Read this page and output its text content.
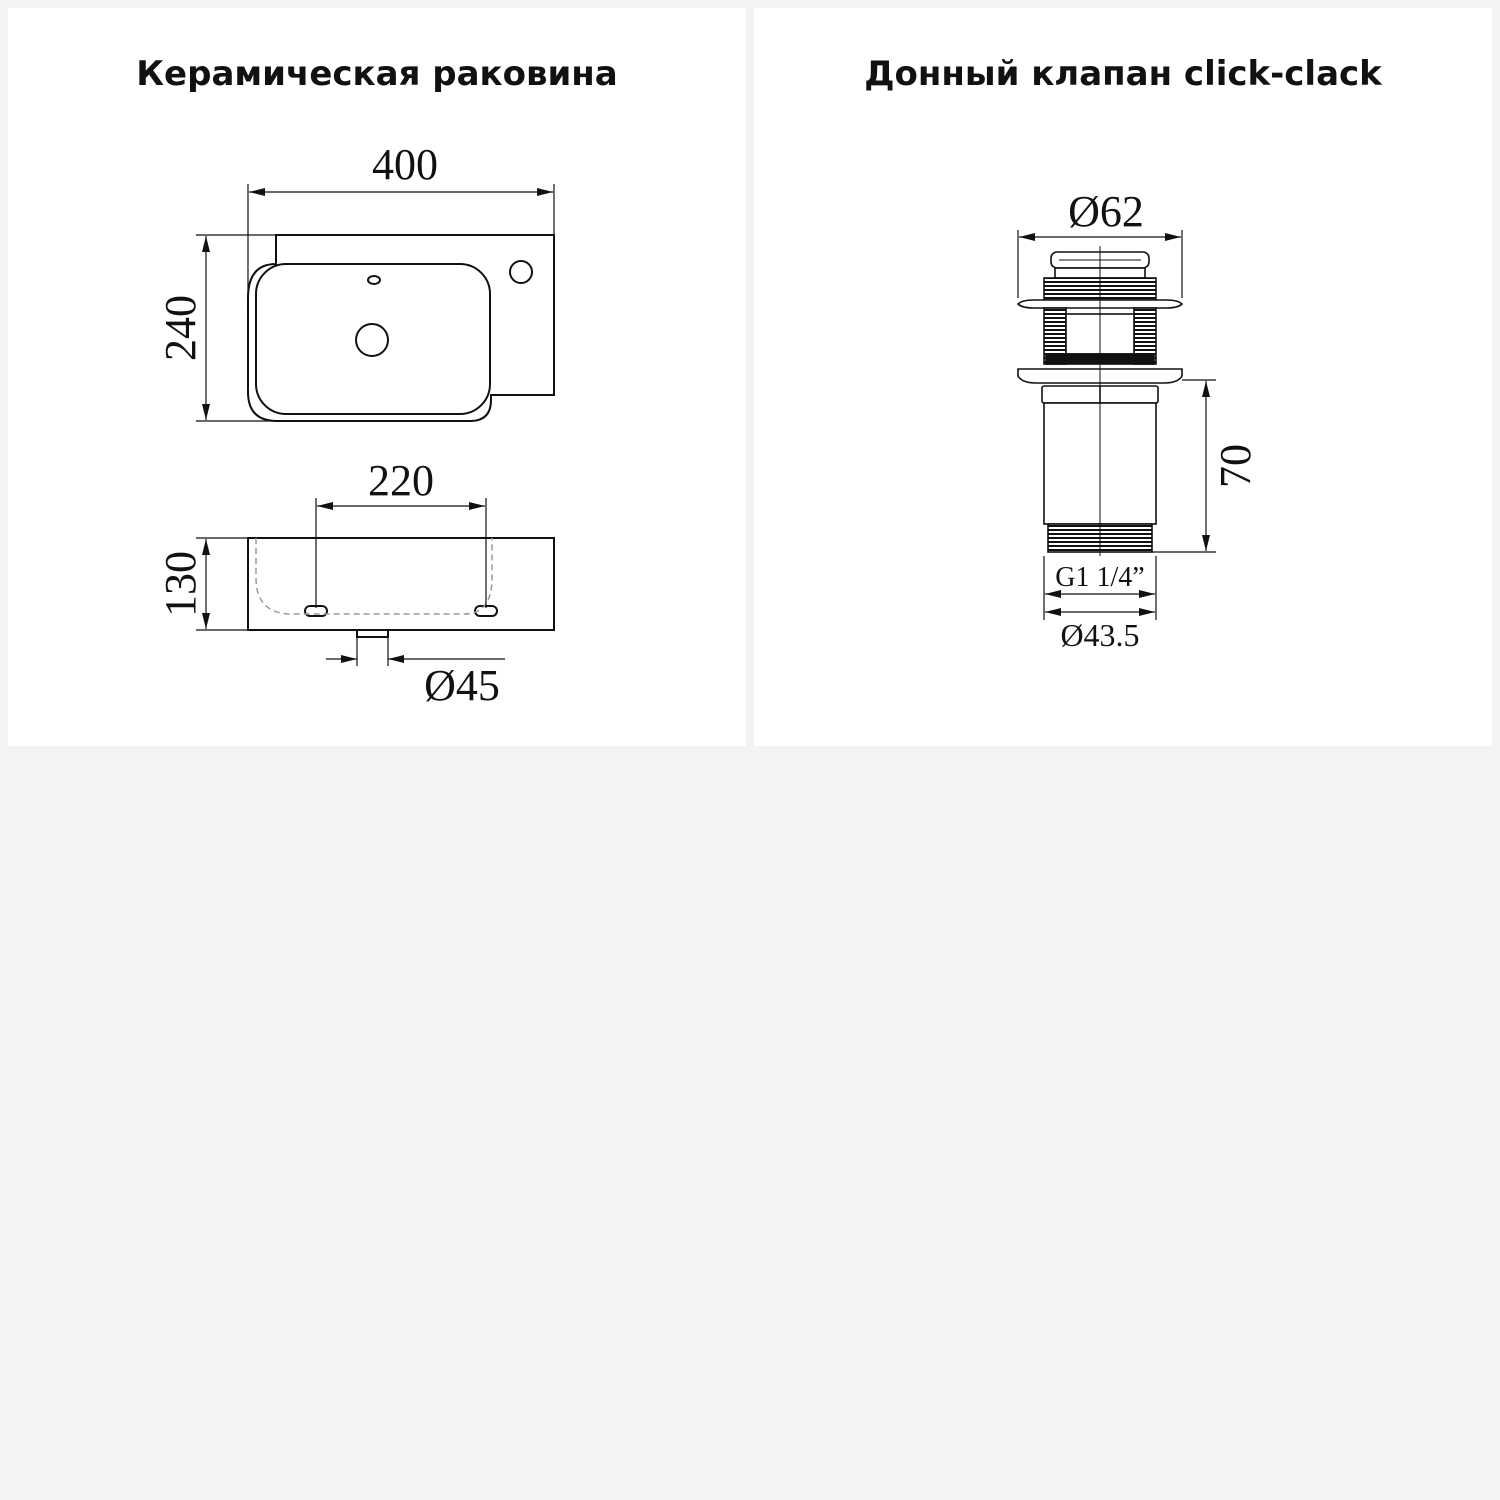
Керамическая раковина
400
240
220
130
Ø45
Донный клапан click-clack
Ø62
70
G1 1/4”
Ø43.5
